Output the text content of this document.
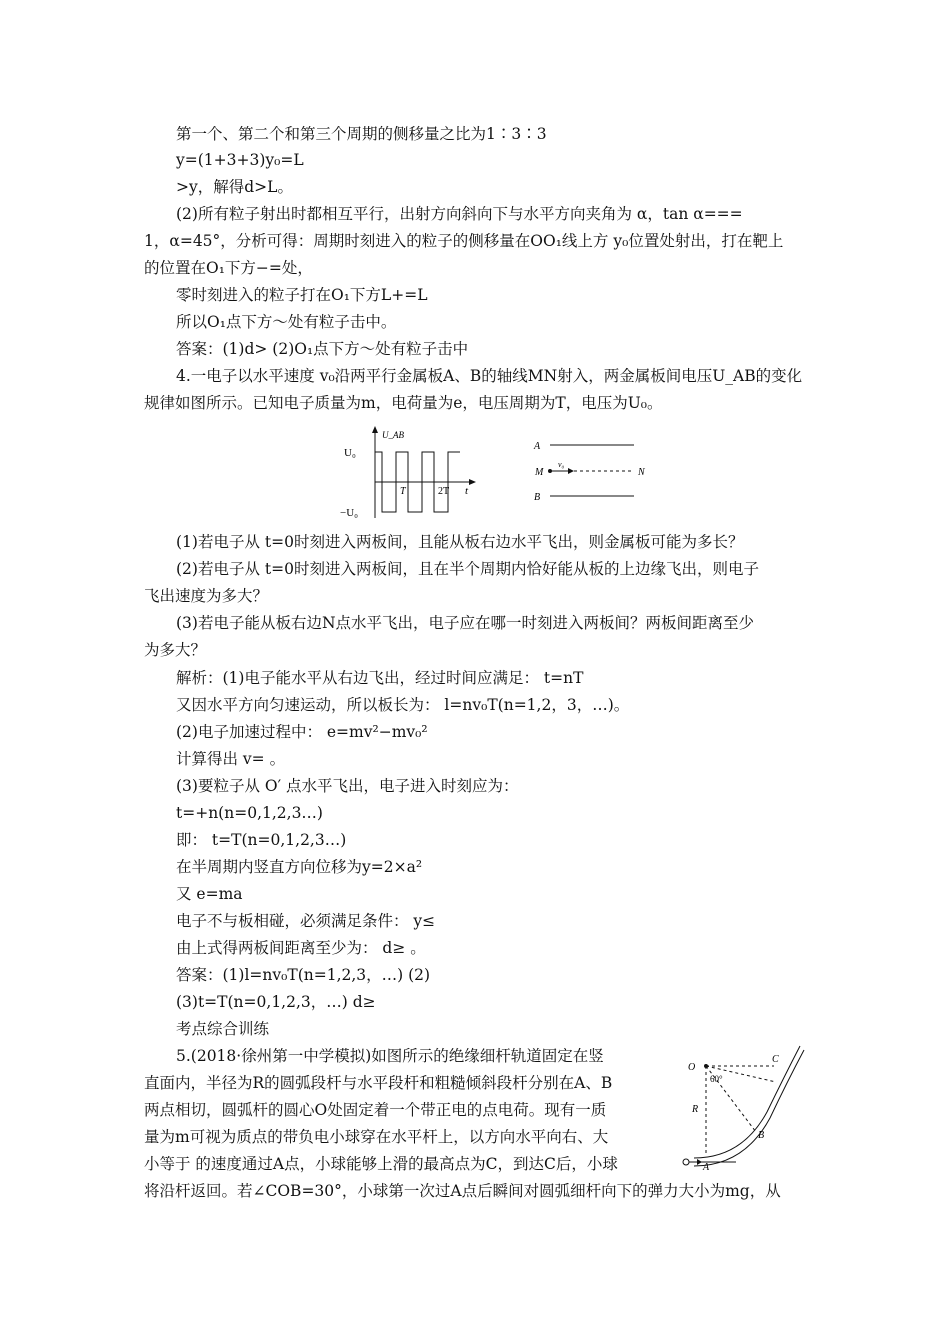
第一个、第二个和第三个周期的侧移量之比为1∶3∶3
y=(1+3+3)y₀=L
>y，解得d>L。
(2)所有粒子射出时都相互平行，出射方向斜向下与水平方向夹角为 α，tan α===
1，α=45°，分析可得：周期时刻进入的粒子的侧移量在OO₁线上方 y₀位置处射出，打在靶上
的位置在O₁下方−=处，
零时刻进入的粒子打在O₁下方L+=L
所以O₁点下方～处有粒子击中。
答案：(1)d> (2)O₁点下方～处有粒子击中
4.一电子以水平速度 v₀沿两平行金属板A、B的轴线MN射入，两金属板间电压U_AB的变化
规律如图所示。已知电子质量为m，电荷量为e，电压周期为T，电压为U₀。
U_AB
U₀
−U₀
T	2T t
A
B
M	N
v₀
(1)若电子从 t=0时刻进入两板间，且能从板右边水平飞出，则金属板可能为多长？
(2)若电子从 t=0时刻进入两板间，且在半个周期内恰好能从板的上边缘飞出，则电子
飞出速度为多大？
(3)若电子能从板右边N点水平飞出，电子应在哪一时刻进入两板间？两板间距离至少
为多大？
解析：(1)电子能水平从右边飞出，经过时间应满足： t=nT
又因水平方向匀速运动，所以板长为： l=nv₀T(n=1,2，3，…)。
(2)电子加速过程中： e=mv²−mv₀²
计算得出 v= 。
(3)要粒子从 O′ 点水平飞出，电子进入时刻应为：
t=+n(n=0,1,2,3…)
即： t=T(n=0,1,2,3…)
在半周期内竖直方向位移为y=2×a²
又 e=ma
电子不与板相碰，必须满足条件： y≤
由上式得两板间距离至少为： d≥ 。
答案：(1)l=nv₀T(n=1,2,3，…) (2)
(3)t=T(n=0,1,2,3，…) d≥
考点综合训练
5.(2018·徐州第一中学模拟)如图所示的绝缘细杆轨道固定在竖
直面内，半径为R的圆弧段杆与水平段杆和粗糙倾斜段杆分别在A、B
两点相切，圆弧杆的圆心O处固定着一个带正电的点电荷。现有一质
量为m可视为质点的带负电小球穿在水平杆上，以方向水平向右、大
小等于 的速度通过A点，小球能够上滑的最高点为C，到达C后，小球
将沿杆返回。若∠COB=30°，小球第一次过A点后瞬间对圆弧细杆向下的弹力大小为mg，从
O
C
B
A
R
60°
